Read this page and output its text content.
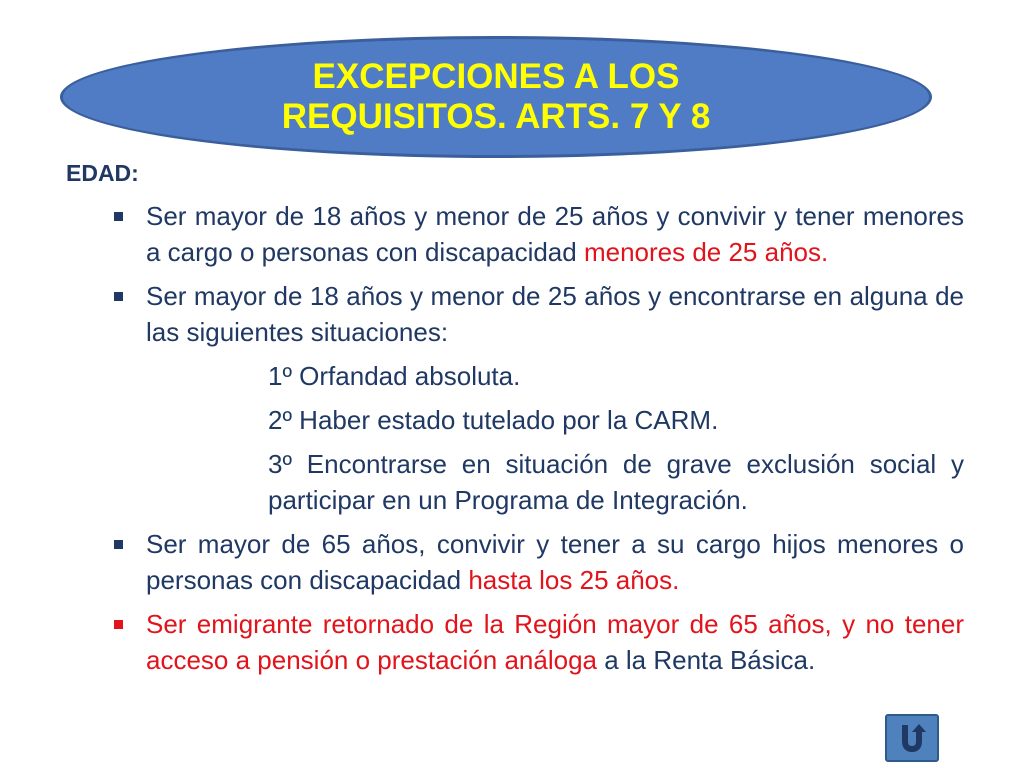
EXCEPCIONES A LOS
REQUISITOS. ARTS. 7 Y 8
EDAD:
Ser mayor de 18 años y menor de 25 años y convivir y tener menores a cargo o personas con discapacidad menores de 25 años.
Ser mayor de 18 años y menor de 25 años y encontrarse en alguna de las siguientes situaciones:
1º Orfandad absoluta.
2º Haber estado tutelado por la CARM.
3º Encontrarse en situación de grave exclusión social y participar en un Programa de Integración.
Ser mayor de 65 años, convivir y tener a su cargo hijos menores o personas con discapacidad hasta los 25 años.
Ser emigrante retornado de la Región mayor de 65 años, y no tener acceso a pensión o prestación análoga a la Renta Básica.
